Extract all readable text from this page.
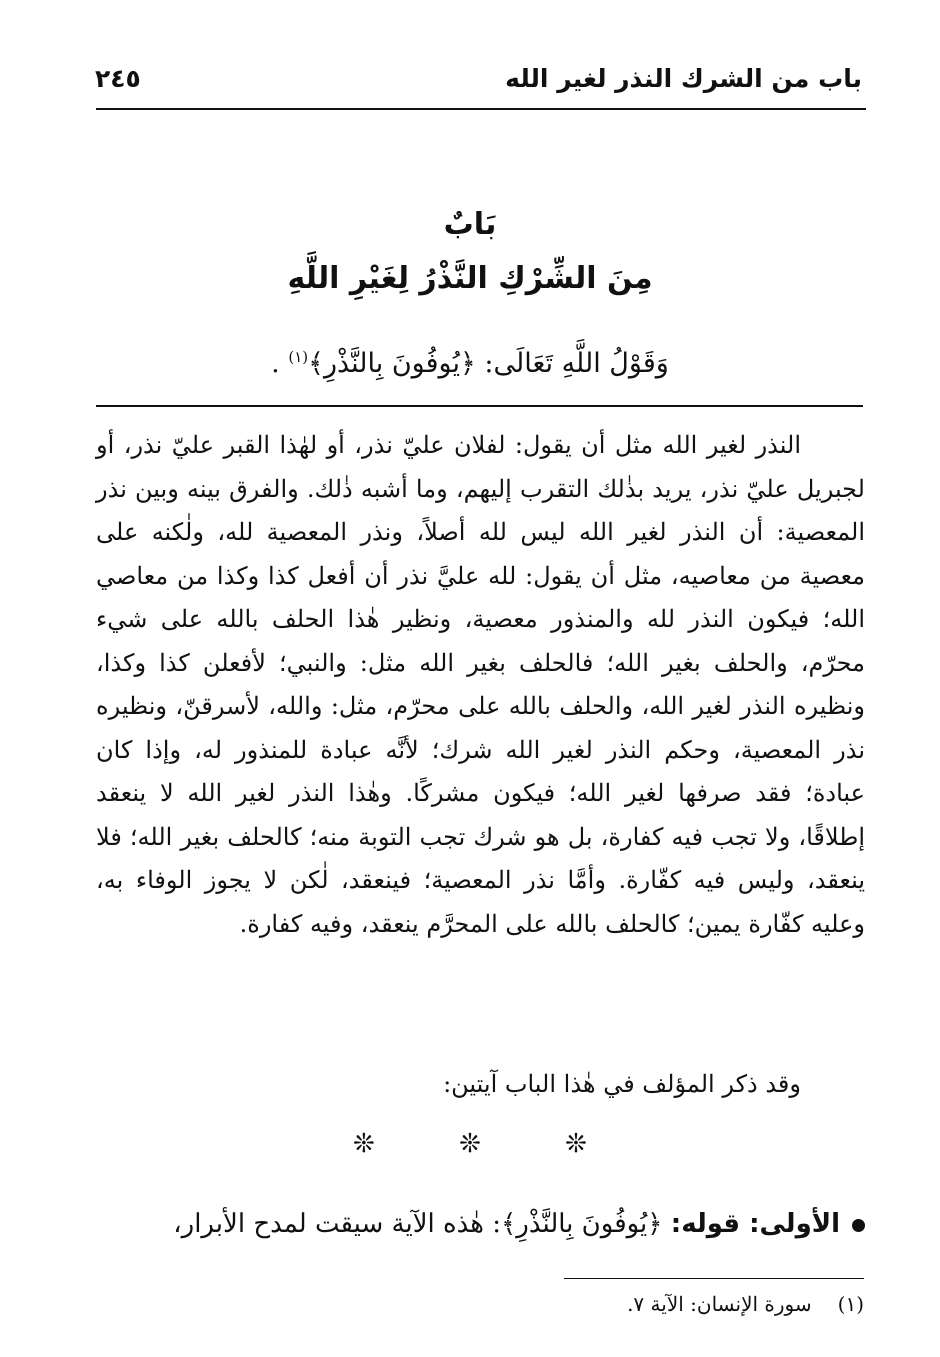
باب من الشرك النذر لغير الله
٢٤٥
بَابٌ
مِنَ الشِّرْكِ النَّذْرُ لِغَيْرِ اللَّهِ
وَقَوْلُ اللَّهِ تَعَالَى: ﴿يُوفُونَ بِالنَّذْرِ﴾$^{(١)}$ .

النذر لغير الله مثل أن يقول: لفلان عليّ نذر، أو لهٰذا القبر عليّ نذر، أو لجبريل عليّ نذر، يريد بذٰلك التقرب إليهم، وما أشبه ذٰلك. والفرق بينه وبين نذر المعصية: أن النذر لغير الله ليس لله أصلاً، ونذر المعصية لله، ولٰكنه على معصية من معاصيه، مثل أن يقول: لله عليَّ نذر أن أفعل كذا وكذا من معاصي الله؛ فيكون النذر لله والمنذور معصية، ونظير هٰذا الحلف بالله على شيء محرّم، والحلف بغير الله؛ فالحلف بغير الله مثل: والنبي؛ لأفعلن كذا وكذا، ونظيره النذر لغير الله، والحلف بالله على محرّم، مثل: والله، لأسرقنّ، ونظيره نذر المعصية، وحكم النذر لغير الله شرك؛ لأنَّه عبادة للمنذور له، وإذا كان عبادة؛ فقد صرفها لغير الله؛ فيكون مشركًا. وهٰذا النذر لغير الله لا ينعقد إطلاقًا، ولا تجب فيه كفارة، بل هو شرك تجب التوبة منه؛ كالحلف بغير الله؛ فلا ينعقد، وليس فيه كفّارة. وأمَّا نذر المعصية؛ فينعقد، لٰكن لا يجوز الوفاء به، وعليه كفّارة يمين؛ كالحلف بالله على المحرَّم ينعقد، وفيه كفارة.

وقد ذكر المؤلف في هٰذا الباب آيتين:
❊ ❊ ❊
الأولى: قوله: ﴿يُوفُونَ بِالنَّذْرِ﴾: هٰذه الآية سيقت لمدح الأبرار،
(١)سورة الإنسان: الآية ٧.
